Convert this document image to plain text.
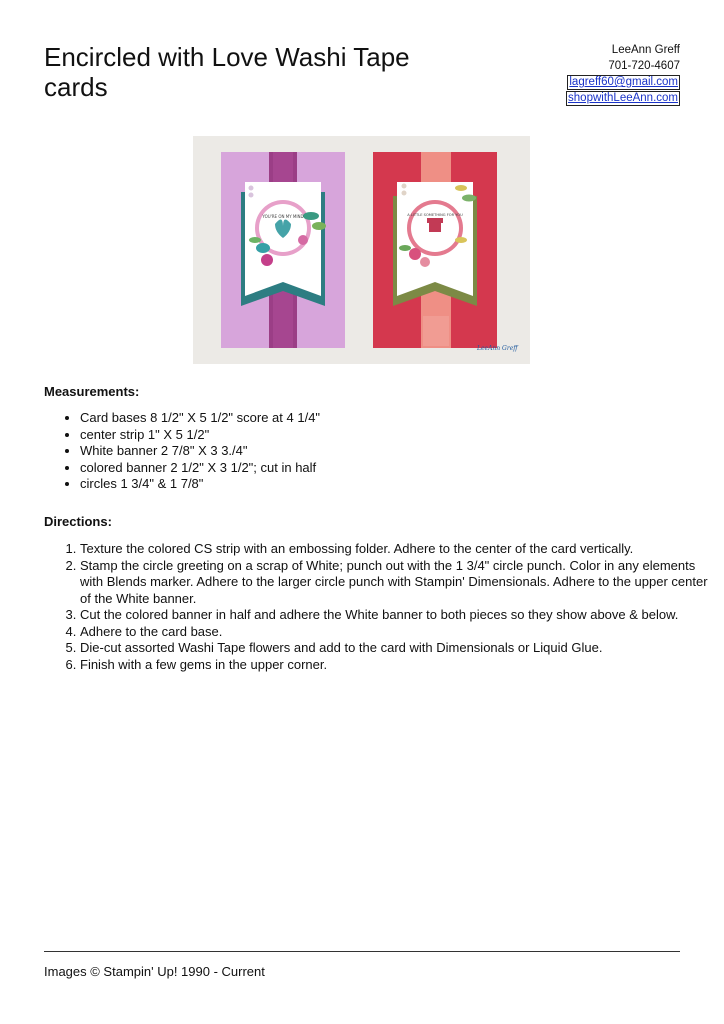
Encircled with Love Washi Tape cards
LeeAnn Greff
701-720-4607
lagreff60@gmail.com
shopwithLeeAnn.com
YOU'RE ON MY MIND	A LITTLE SOMETHING FOR YOU
LeeAnn Greff
Measurements:
• Card bases 8 1/2" X 5 1/2" score at 4 1/4"
• center strip 1" X 5 1/2"
• White banner 2 7/8" X 3 3./4"
• colored banner 2 1/2" X 3 1/2"; cut in half
• circles 1 3/4" & 1 7/8"
Directions:
1. Texture the colored CS strip with an embossing folder. Adhere to the center of the card vertically.
2. Stamp the circle greeting on a scrap of White; punch out with the 1 3/4" circle punch. Color in any elements with Blends marker. Adhere to the larger circle punch with Stampin' Dimensionals. Adhere to the upper center of the White banner.
3. Cut the colored banner in half and adhere the White banner to both pieces so they show above & below.
4. Adhere to the card base.
5. Die-cut assorted Washi Tape flowers and add to the card with Dimensionals or Liquid Glue.
6. Finish with a few gems in the upper corner.
Images © Stampin' Up! 1990 - Current
